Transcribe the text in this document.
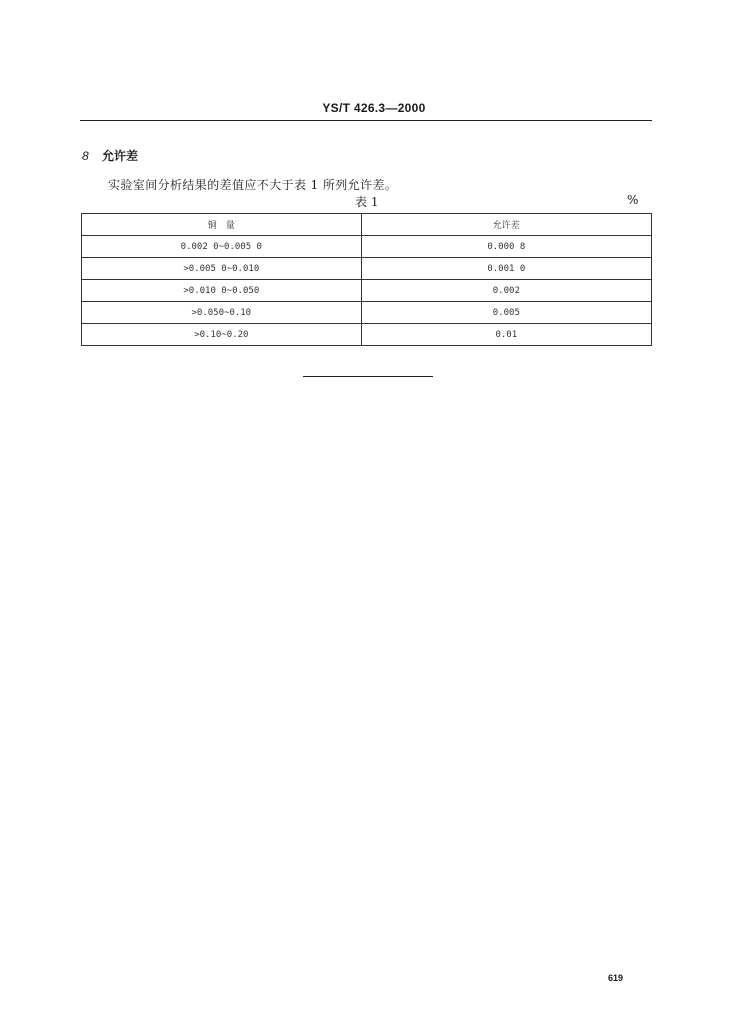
YS/T 426.3—2000
8 允许差
实验室间分析结果的差值应不大于表 1 所列允许差。
表 1	%
铜　量	允许差
0.002 0~0.005 0	0.000 8
>0.005 0~0.010	0.001 0
>0.010 0~0.050	0.002
>0.050~0.10	0.005
>0.10~0.20	0.01
619
